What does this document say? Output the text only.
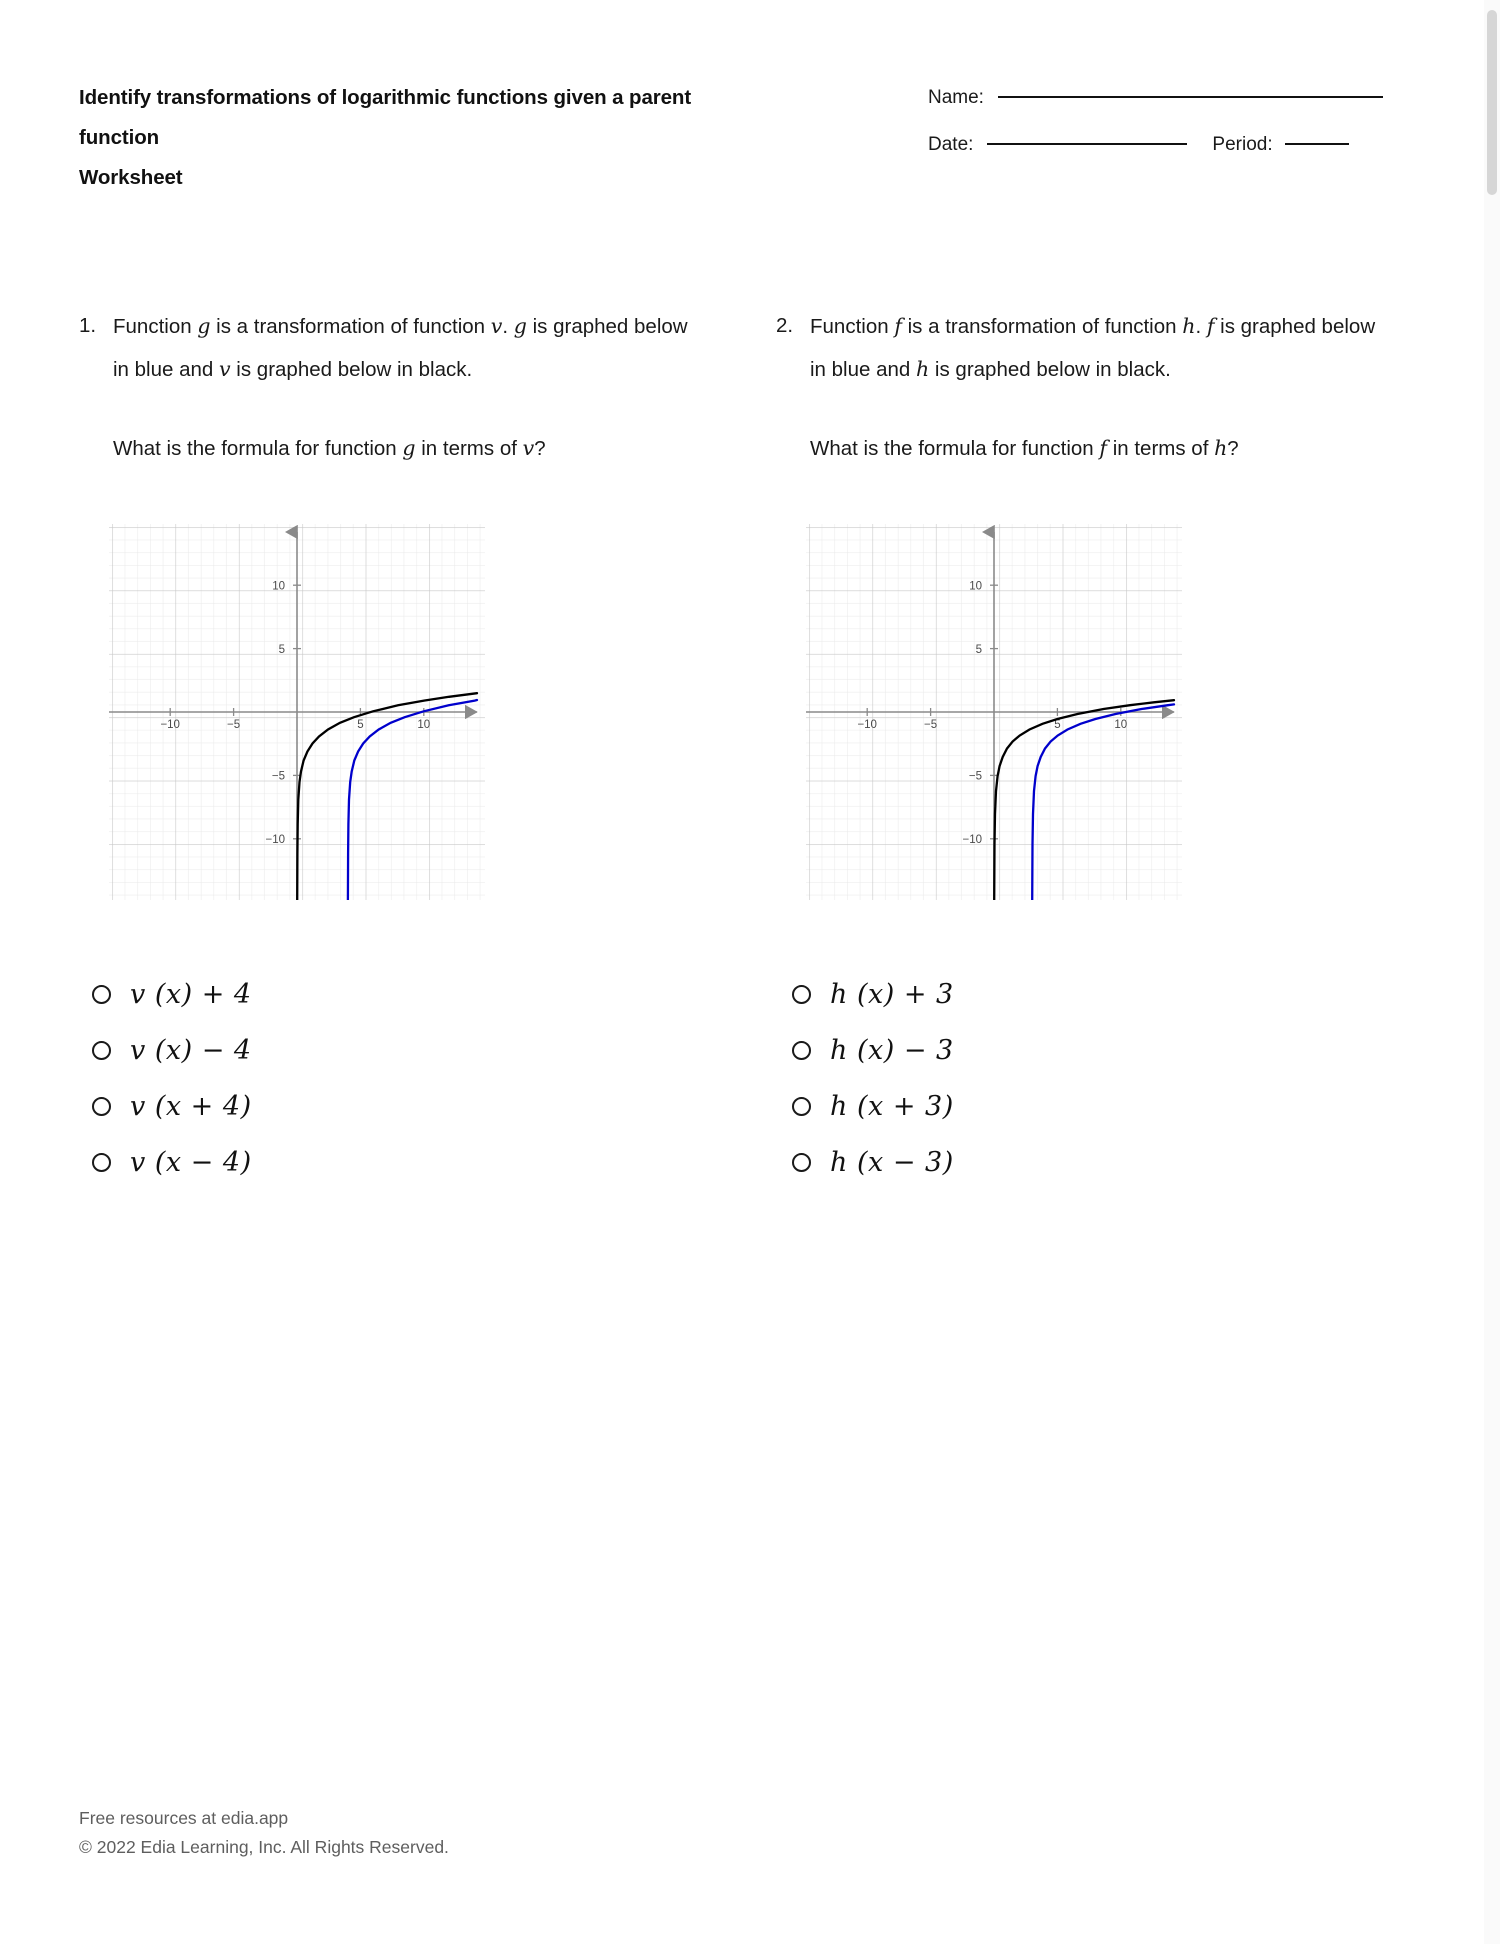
Identify transformations of logarithmic functions given a parent
function
Worksheet
Name:
Date:	Period:
1. Function g is a transformation of function v. g is graphed below in blue and v is graphed below in black.
What is the formula for function g in terms of v?
−10	−5	5	10
10
5
−5
−10
v (x) + 4
v (x) − 4
v (x + 4)
v (x − 4)
2. Function f is a transformation of function h. f is graphed below in blue and h is graphed below in black.
What is the formula for function f in terms of h?
5	10
−10	−5
10
5
−5
−10
h (x) + 3
h (x) − 3
h (x + 3)
h (x − 3)
Free resources at edia.app
© 2022 Edia Learning, Inc. All Rights Reserved.
